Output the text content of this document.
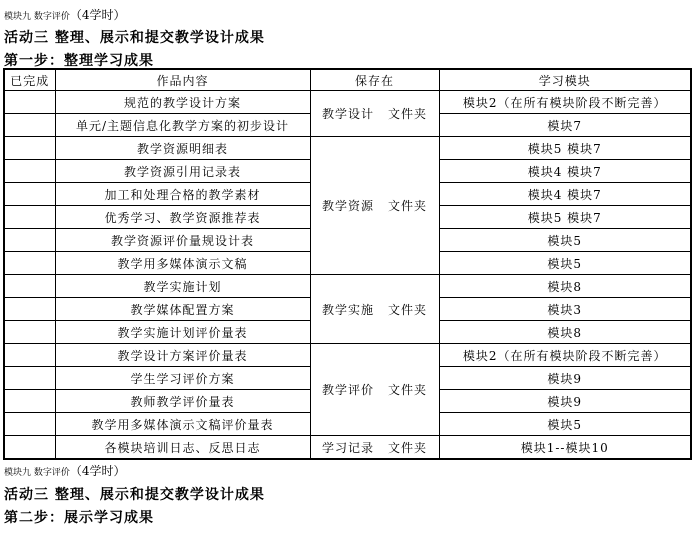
模块九 数字评价（4学时）
活动三 整理、展示和提交教学设计成果
第一步：整理学习成果
已完成	作品内容	保存在	学习模块
	规范的教学设计方案	教学设计 文件夹	模块2（在所有模块阶段不断完善）
	单元/主题信息化教学方案的初步设计		模块7
	教学资源明细表	教学资源 文件夹	模块5 模块7
	教学资源引用记录表		模块4 模块7
	加工和处理合格的教学素材		模块4 模块7
	优秀学习、教学资源推荐表		模块5 模块7
	教学资源评价量规设计表		模块5
	教学用多媒体演示文稿		模块5
	教学实施计划	教学实施 文件夹	模块8
	教学媒体配置方案		模块3
	教学实施计划评价量表		模块8
	教学设计方案评价量表	教学评价 文件夹	模块2（在所有模块阶段不断完善）
	学生学习评价方案		模块9
	教师教学评价量表		模块9
	教学用多媒体演示文稿评价量表		模块5
	各模块培训日志、反思日志	学习记录 文件夹	模块1--模块10
模块九 数字评价（4学时）
活动三 整理、展示和提交教学设计成果
第二步：展示学习成果
